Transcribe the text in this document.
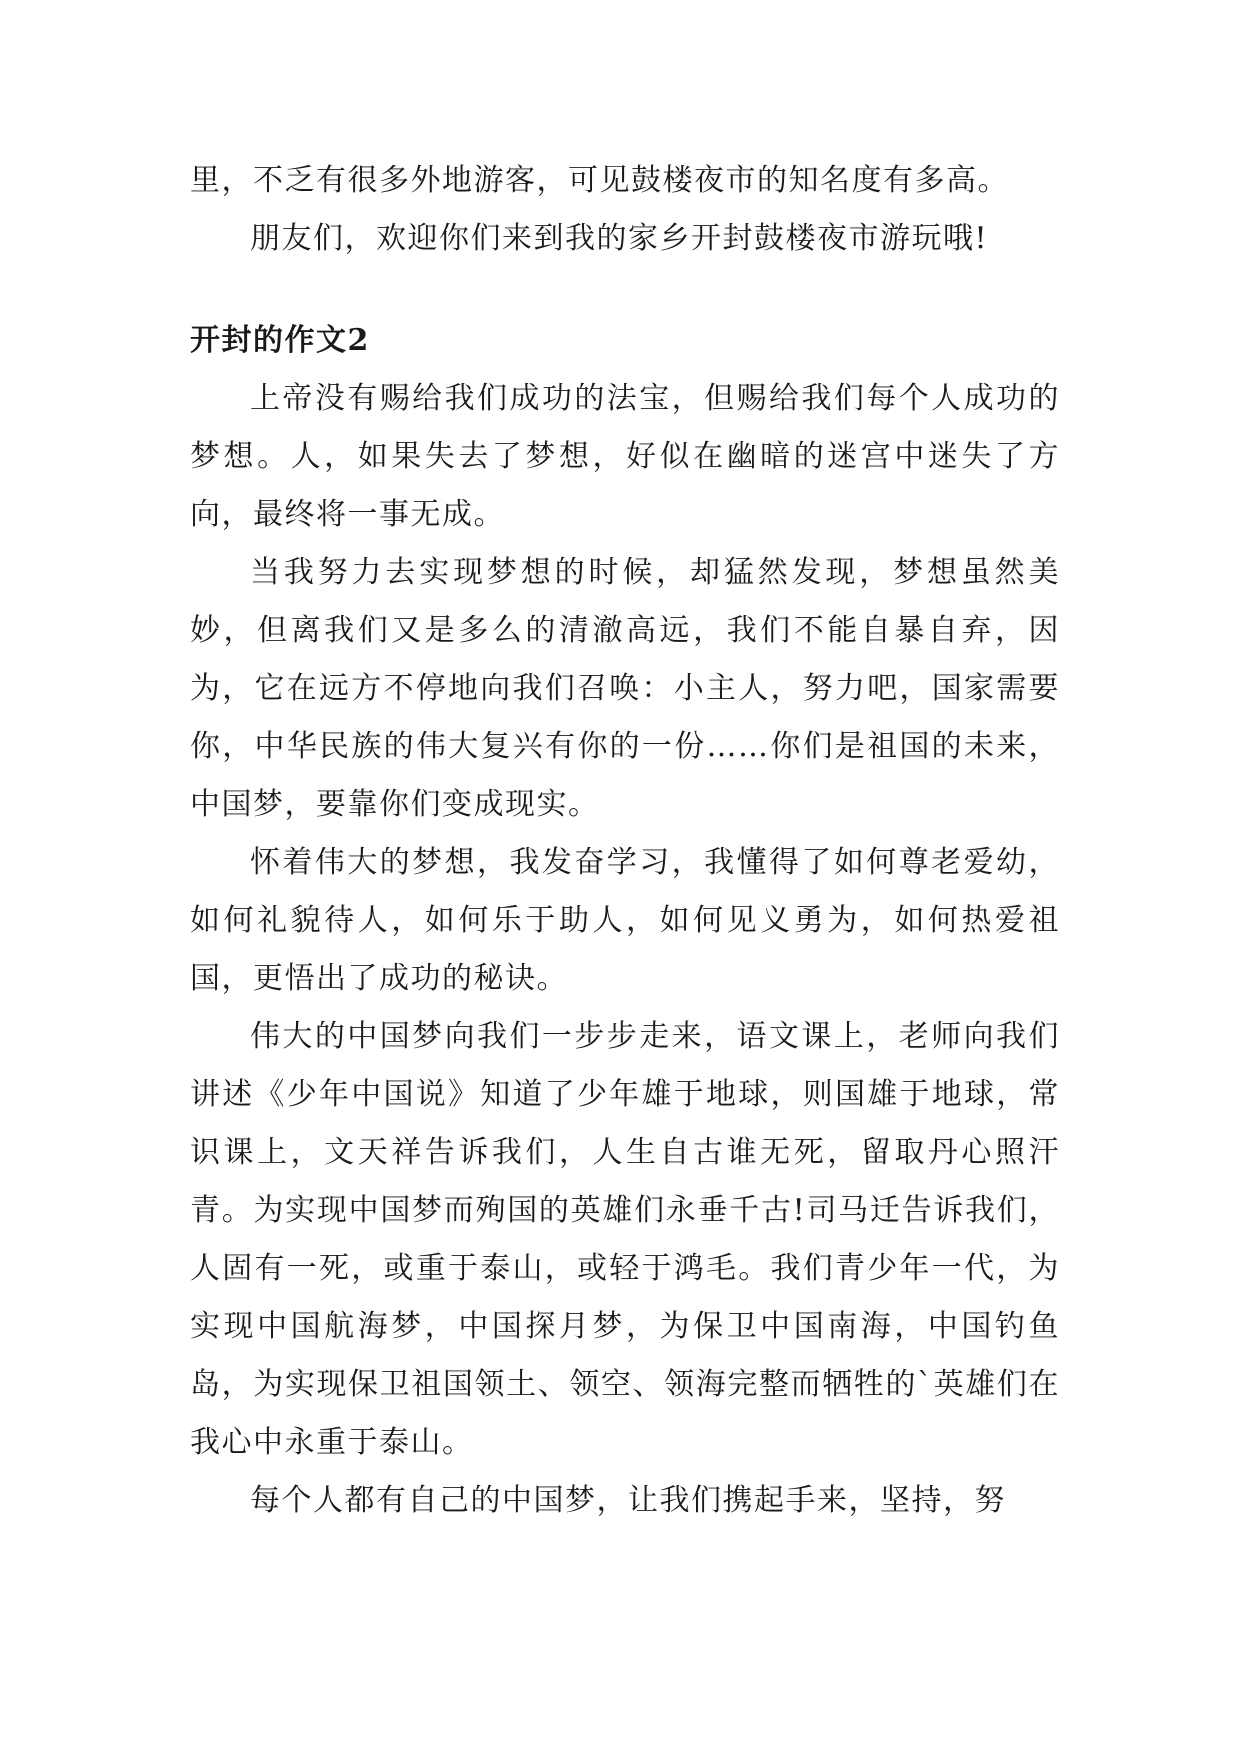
里，不乏有很多外地游客，可见鼓楼夜市的知名度有多高。

朋友们，欢迎你们来到我的家乡开封鼓楼夜市游玩哦!

开封的作文2

上帝没有赐给我们成功的法宝，但赐给我们每个人成功的梦想。人，如果失去了梦想，好似在幽暗的迷宫中迷失了方向，最终将一事无成。

当我努力去实现梦想的时候，却猛然发现，梦想虽然美妙，但离我们又是多么的清澈高远，我们不能自暴自弃，因为，它在远方不停地向我们召唤：小主人，努力吧，国家需要你，中华民族的伟大复兴有你的一份……你们是祖国的未来，中国梦，要靠你们变成现实。

怀着伟大的梦想，我发奋学习，我懂得了如何尊老爱幼，如何礼貌待人，如何乐于助人，如何见义勇为，如何热爱祖国，更悟出了成功的秘诀。

伟大的中国梦向我们一步步走来，语文课上，老师向我们讲述《少年中国说》知道了少年雄于地球，则国雄于地球，常识课上，文天祥告诉我们，人生自古谁无死，留取丹心照汗青。为实现中国梦而殉国的英雄们永垂千古!司马迁告诉我们，人固有一死，或重于泰山，或轻于鸿毛。我们青少年一代，为实现中国航海梦，中国探月梦，为保卫中国南海，中国钓鱼岛，为实现保卫祖国领土、领空、领海完整而牺牲的`英雄们在我心中永重于泰山。

每个人都有自己的中国梦，让我们携起手来，坚持，努
